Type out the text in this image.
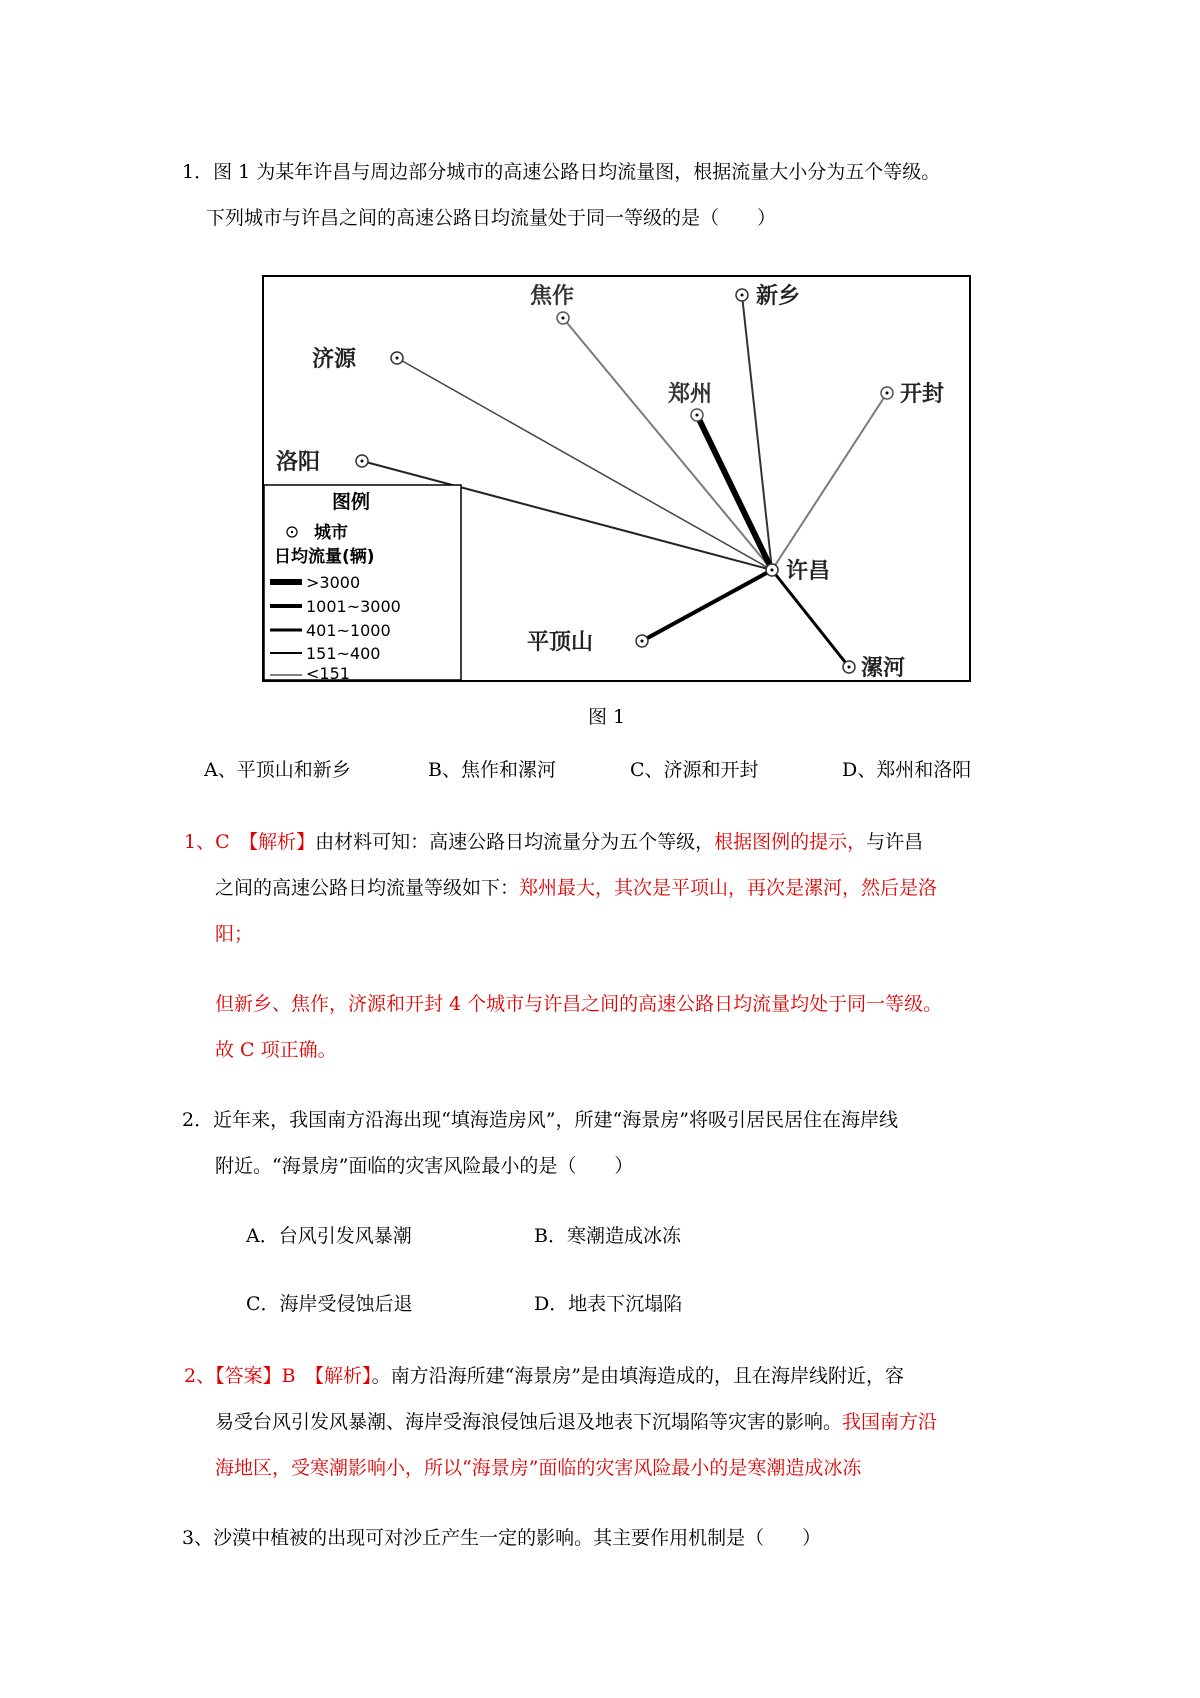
1．图 1 为某年许昌与周边部分城市的高速公路日均流量图，根据流量大小分为五个等级。
下列城市与许昌之间的高速公路日均流量处于同一等级的是（　　）
焦作	新乡
济源
郑州	开封
洛阳
许昌
平顶山
漯河
图例
城市
日均流量(辆)
>3000
1001~3000
401~1000
151~400
<151
图 1
A、平顶山和新乡	B、焦作和漯河	C、济源和开封	D、郑州和洛阳
1、C　【解析】由材料可知：高速公路日均流量分为五个等级，根据图例的提示，与许昌
之间的高速公路日均流量等级如下：郑州最大，其次是平项山，再次是漯河，然后是洛
阳；
但新乡、焦作，济源和开封 4 个城市与许昌之间的高速公路日均流量均处于同一等级。
故 C 项正确。
2．近年来，我国南方沿海出现“填海造房风”，所建“海景房”将吸引居民居住在海岸线
附近。“海景房”面临的灾害风险最小的是（　　）
A．台风引发风暴潮	B．寒潮造成冰冻
C．海岸受侵蚀后退	D．地表下沉塌陷
2、【答案】B　【解析】。南方沿海所建“海景房”是由填海造成的，且在海岸线附近，容
易受台风引发风暴潮、海岸受海浪侵蚀后退及地表下沉塌陷等灾害的影响。我国南方沿
海地区，受寒潮影响小，所以“海景房”面临的灾害风险最小的是寒潮造成冰冻
3、沙漠中植被的出现可对沙丘产生一定的影响。其主要作用机制是（　　）
